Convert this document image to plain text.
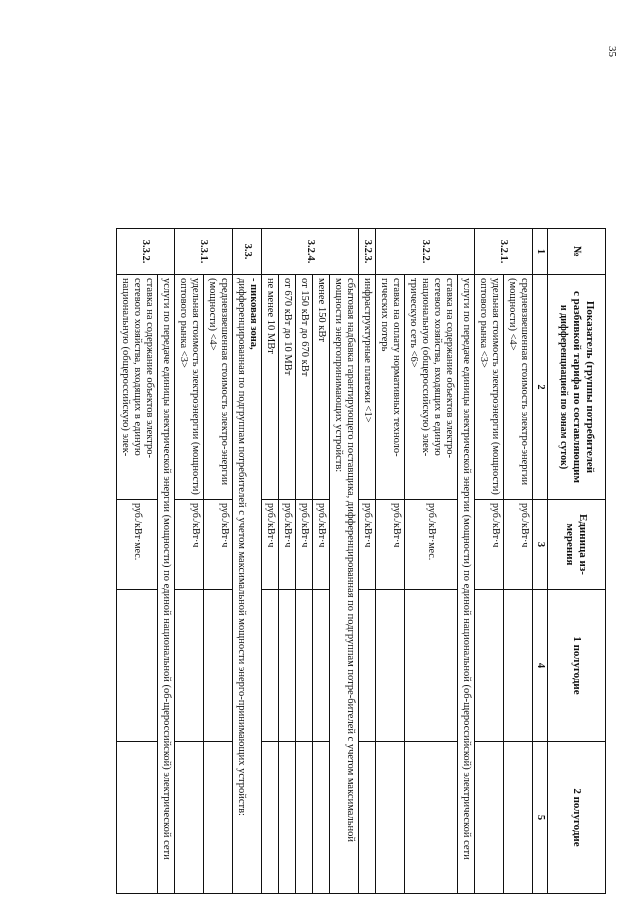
35
№	Показатель (группы потребителей
с разбивкой тарифа по составляющим
и дифференциацией по зонам суток)	Единица из-мерения	1 полугодие	2 полугодие
1	2	3	4	5
3.2.1.	средневзвешенная стоимость электро-энергии (мощности) <4>	руб./кВт·ч		
	удельная стоимость электроэнергии (мощности) оптового рынка <3>	руб./кВт·ч		
3.2.2.	услуги по передаче единицы электрической энергии (мощности) по единой национальной (об-щероссийской) электрической сети			
	ставка на содержание объектов электро-сетевого хозяйства, входящих в единую национальную (общероссийскую) элек-трическую сеть <6>	руб./кВт·мес.		
	ставка на оплату нормативных техноло-гических потерь	руб./кВт·ч		
3.2.3.	инфраструктурные платежи <1>	руб./кВт·ч		
3.2.4.	сбытовая надбавка гарантирующего поставщика, дифференцированная по подгруппам потре-бителей с учетом максимальной мощности энергопринимающих устройств:			
	менее 150 кВт	руб./кВт·ч		
	от 150 кВт до 670 кВт	руб./кВт·ч		
	от 670 кВт до 10 МВт	руб./кВт·ч		
	не менее 10 МВт	руб./кВт·ч		
3.3.	- пиковая зона,
дифференцированная по подгруппам потребителей с учетом максимальной мощности энерго-принимающих устройств:			
3.3.1.	средневзвешенная стоимость электро-энергии (мощности) <4>	руб./кВт·ч		
	удельная стоимость электроэнергии (мощности) оптового рынка <3>	руб./кВт·ч		
3.3.2.	услуги по передаче единицы электрической энергии (мощности) по единой национальной (об-щероссийской) электрической сети			
	ставка на содержание объектов электро-сетевого хозяйства, входящих в единую национальную (общероссийскую) элек-	руб./кВт·мес.		
